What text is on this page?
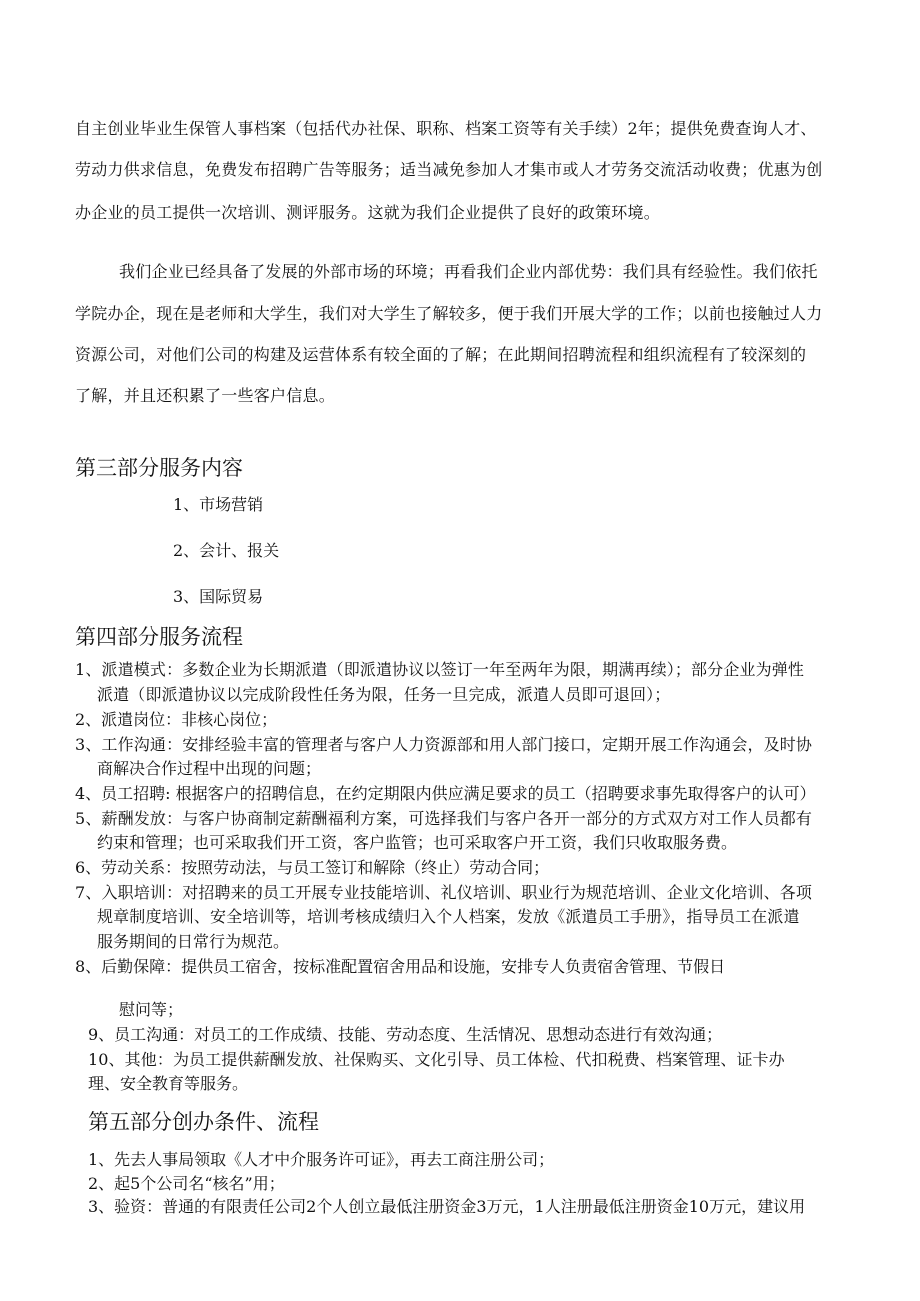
自主创业毕业生保管人事档案（包括代办社保、职称、档案工资等有关手续）2年；提供免费查询人才、
劳动力供求信息，免费发布招聘广告等服务；适当减免参加人才集市或人才劳务交流活动收费；优惠为创
办企业的员工提供一次培训、测评服务。这就为我们企业提供了良好的政策环境。
我们企业已经具备了发展的外部市场的环境；再看我们企业内部优势：我们具有经验性。我们依托
学院办企，现在是老师和大学生，我们对大学生了解较多，便于我们开展大学的工作；以前也接触过人力
资源公司，对他们公司的构建及运营体系有较全面的了解；在此期间招聘流程和组织流程有了较深刻的
了解，并且还积累了一些客户信息。
第三部分服务内容
1、市场营销
2、会计、报关
3、国际贸易
第四部分服务流程
1、派遣模式：多数企业为长期派遣（即派遣协议以签订一年至两年为限，期满再续）；部分企业为弹性
派遣（即派遣协议以完成阶段性任务为限，任务一旦完成，派遣人员即可退回）；
2、派遣岗位：非核心岗位；
3、工作沟通：安排经验丰富的管理者与客户人力资源部和用人部门接口，定期开展工作沟通会，及时协
商解决合作过程中出现的问题；
4、员工招聘: 根据客户的招聘信息，在约定期限内供应满足要求的员工（招聘要求事先取得客户的认可）
5、薪酬发放：与客户协商制定薪酬福利方案，可选择我们与客户各开一部分的方式双方对工作人员都有
约束和管理；也可采取我们开工资，客户监管；也可采取客户开工资，我们只收取服务费。
6、劳动关系：按照劳动法，与员工签订和解除（终止）劳动合同；
7、入职培训：对招聘来的员工开展专业技能培训、礼仪培训、职业行为规范培训、企业文化培训、各项
规章制度培训、安全培训等，培训考核成绩归入个人档案，发放《派遣员工手册》，指导员工在派遣
服务期间的日常行为规范。
8、后勤保障：提供员工宿舍，按标准配置宿舍用品和设施，安排专人负责宿舍管理、节假日
慰问等；
9、员工沟通：对员工的工作成绩、技能、劳动态度、生活情况、思想动态进行有效沟通；
10、其他：为员工提供薪酬发放、社保购买、文化引导、员工体检、代扣税费、档案管理、证卡办
理、安全教育等服务。
第五部分创办条件、流程
1、先去人事局领取《人才中介服务许可证》，再去工商注册公司；
2、起5个公司名“核名”用；
3、验资：普通的有限责任公司2个人创立最低注册资金3万元，1人注册最低注册资金10万元，建议用
